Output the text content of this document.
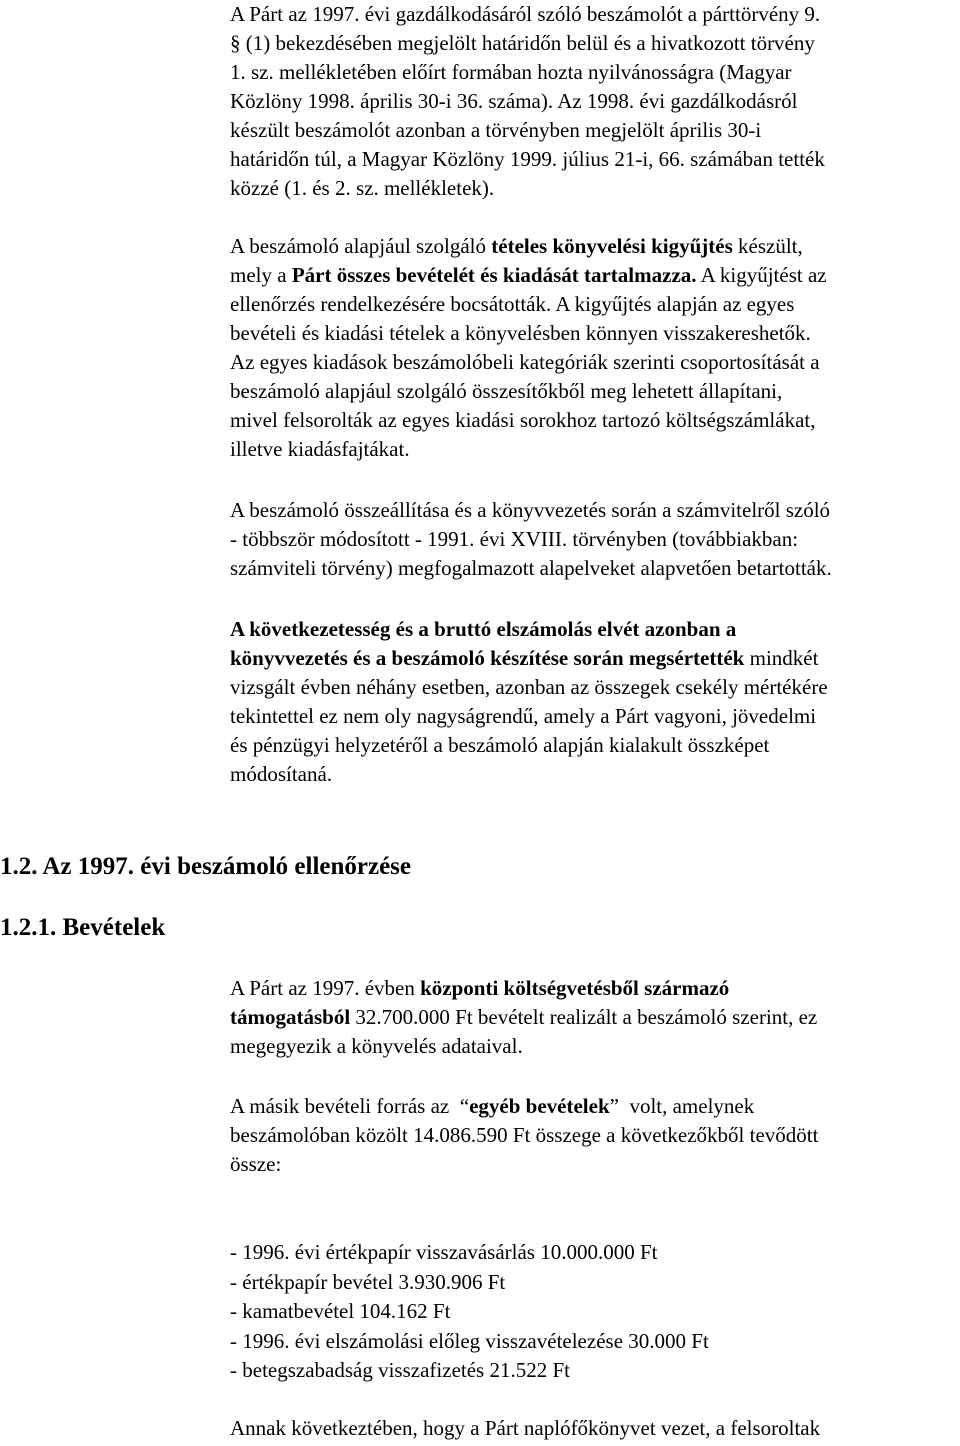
A Párt az 1997. évi gazdálkodásáról szóló beszámolót a párttörvény 9.
§ (1) bekezdésében megjelölt határidőn belül és a hivatkozott törvény
1. sz. mellékletében előírt formában hozta nyilvánosságra (Magyar
Közlöny 1998. április 30-i 36. száma). Az 1998. évi gazdálkodásról
készült beszámolót azonban a törvényben megjelölt április 30-i
határidőn túl, a Magyar Közlöny 1999. július 21-i, 66. számában tették
közzé (1. és 2. sz. mellékletek).
A beszámoló alapjául szolgáló tételes könyvelési kigyűjtés készült,
mely a Párt összes bevételét és kiadását tartalmazza. A kigyűjtést az
ellenőrzés rendelkezésére bocsátották. A kigyűjtés alapján az egyes
bevételi és kiadási tételek a könyvelésben könnyen visszakereshetők.
Az egyes kiadások beszámolóbeli kategóriák szerinti csoportosítását a
beszámoló alapjául szolgáló összesítőkből meg lehetett állapítani,
mivel felsorolták az egyes kiadási sorokhoz tartozó költségszámlákat,
illetve kiadásfajtákat.
A beszámoló összeállítása és a könyvvezetés során a számvitelről szóló
- többször módosított - 1991. évi XVIII. törvényben (továbbiakban:
számviteli törvény) megfogalmazott alapelveket alapvetően betartották.
A következetesség és a bruttó elszámolás elvét azonban a
könyvvezetés és a beszámoló készítése során megsértették mindkét
vizsgált évben néhány esetben, azonban az összegek csekély mértékére
tekintettel ez nem oly nagyságrendű, amely a Párt vagyoni, jövedelmi
és pénzügyi helyzetéről a beszámoló alapján kialakult összképet
módosítaná.
1.2. Az 1997. évi beszámoló ellenőrzése
1.2.1. Bevételek
A Párt az 1997. évben központi költségvetésből származó
támogatásból 32.700.000 Ft bevételt realizált a beszámoló szerint, ez
megegyezik a könyvelés adataival.
A másik bevételi forrás az  “egyéb bevételek”  volt, amelynek
beszámolóban közölt 14.086.590 Ft összege a következőkből tevődött
össze:
- 1996. évi értékpapír visszavásárlás 10.000.000 Ft
- értékpapír bevétel 3.930.906 Ft
- kamatbevétel 104.162 Ft
- 1996. évi elszámolási előleg visszavételezése 30.000 Ft
- betegszabadság visszafizetés 21.522 Ft
Annak következtében, hogy a Párt naplófőkönyvet vezet, a felsoroltak
